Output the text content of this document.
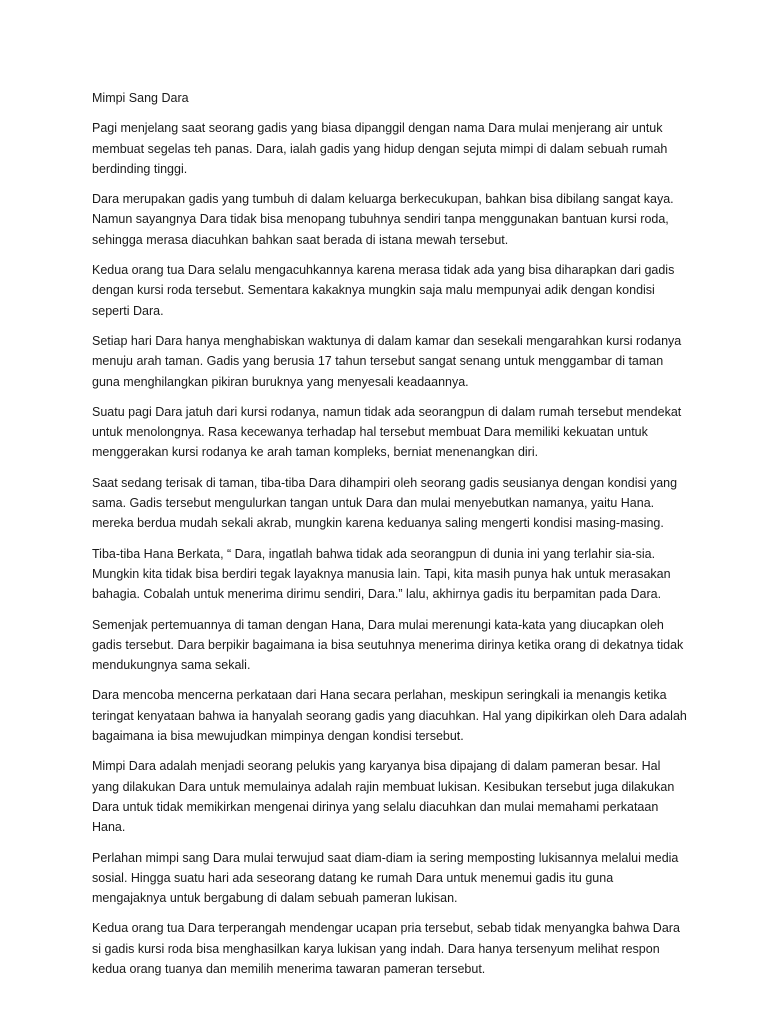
Mimpi Sang Dara

Pagi menjelang saat seorang gadis yang biasa dipanggil dengan nama Dara mulai menjerang air untuk membuat segelas teh panas. Dara, ialah gadis yang hidup dengan sejuta mimpi di dalam sebuah rumah berdinding tinggi.

Dara merupakan gadis yang tumbuh di dalam keluarga berkecukupan, bahkan bisa dibilang sangat kaya. Namun sayangnya Dara tidak bisa menopang tubuhnya sendiri tanpa menggunakan bantuan kursi roda, sehingga merasa diacuhkan bahkan saat berada di istana mewah tersebut.

Kedua orang tua Dara selalu mengacuhkannya karena merasa tidak ada yang bisa diharapkan dari gadis dengan kursi roda tersebut. Sementara kakaknya mungkin saja malu mempunyai adik dengan kondisi seperti Dara.

Setiap hari Dara hanya menghabiskan waktunya di dalam kamar dan sesekali mengarahkan kursi rodanya menuju arah taman. Gadis yang berusia 17 tahun tersebut sangat senang untuk menggambar di taman guna menghilangkan pikiran buruknya yang menyesali keadaannya.

Suatu pagi Dara jatuh dari kursi rodanya, namun tidak ada seorangpun di dalam rumah tersebut mendekat untuk menolongnya. Rasa kecewanya terhadap hal tersebut membuat Dara memiliki kekuatan untuk menggerakan kursi rodanya ke arah taman kompleks, berniat menenangkan diri.

Saat sedang terisak di taman, tiba-tiba Dara dihampiri oleh seorang gadis seusianya dengan kondisi yang sama. Gadis tersebut mengulurkan tangan untuk Dara dan mulai menyebutkan namanya, yaitu Hana. mereka berdua mudah sekali akrab, mungkin karena keduanya saling mengerti kondisi masing-masing.

Tiba-tiba Hana Berkata, “ Dara, ingatlah bahwa tidak ada seorangpun di dunia ini yang terlahir sia-sia. Mungkin kita tidak bisa berdiri tegak layaknya manusia lain. Tapi, kita masih punya hak untuk merasakan bahagia. Cobalah untuk menerima dirimu sendiri, Dara.” lalu, akhirnya gadis itu berpamitan pada Dara.

Semenjak pertemuannya di taman dengan Hana, Dara mulai merenungi kata-kata yang diucapkan oleh gadis tersebut. Dara berpikir bagaimana ia bisa seutuhnya menerima dirinya ketika orang di dekatnya tidak mendukungnya sama sekali.

Dara mencoba mencerna perkataan dari Hana secara perlahan, meskipun seringkali ia menangis ketika teringat kenyataan bahwa ia hanyalah seorang gadis yang diacuhkan. Hal yang dipikirkan oleh Dara adalah bagaimana ia bisa mewujudkan mimpinya dengan kondisi tersebut.

Mimpi Dara adalah menjadi seorang pelukis yang karyanya bisa dipajang di dalam pameran besar. Hal yang dilakukan Dara untuk memulainya adalah rajin membuat lukisan. Kesibukan tersebut juga dilakukan Dara untuk tidak memikirkan mengenai dirinya yang selalu diacuhkan dan mulai memahami perkataan Hana.

Perlahan mimpi sang Dara mulai terwujud saat diam-diam ia sering memposting lukisannya melalui media sosial. Hingga suatu hari ada seseorang datang ke rumah Dara untuk menemui gadis itu guna mengajaknya untuk bergabung di dalam sebuah pameran lukisan.

Kedua orang tua Dara terperangah mendengar ucapan pria tersebut, sebab tidak menyangka bahwa Dara si gadis kursi roda bisa menghasilkan karya lukisan yang indah. Dara hanya tersenyum melihat respon kedua orang tuanya dan memilih menerima tawaran pameran tersebut.
